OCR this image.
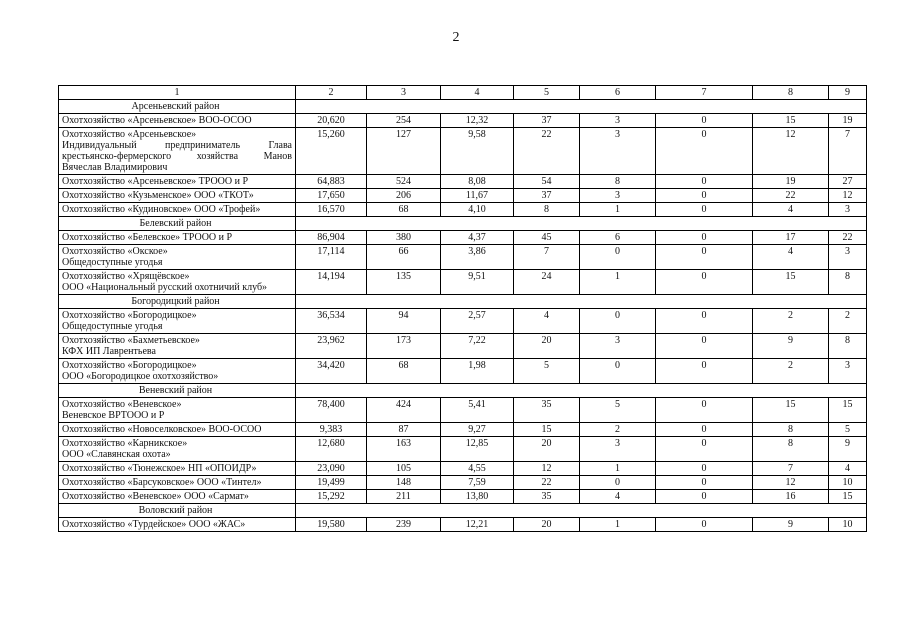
2
1	2	3	4	5	6	7	8	9
Арсеньевский район								

Охотхозяйство «Арсеньевское» ВОО-ОСОО	20,620	254	12,32	37	3	0	15	19

Охотхозяйство «Арсеньевское»
Индивидуальный предприниматель Глава
крестьянско-фермерского хозяйства Манов
Вячеслав Владимирович	15,260	127	9,58	22	3	0	12	7

Охотхозяйство «Арсеньевское» ТРООО и Р	64,883	524	8,08	54	8	0	19	27

Охотхозяйство «Кузьменское» ООО «ТКОТ»	17,650	206	11,67	37	3	0	22	12

Охотхозяйство «Кудиновское» ООО «Трофей»	16,570	68	4,10	8	1	0	4	3
Белевский район								

Охотхозяйство «Белевское» ТРООО и Р	86,904	380	4,37	45	6	0	17	22

Охотхозяйство «Окское»
Общедоступные угодья	17,114	66	3,86	7	0	0	4	3

Охотхозяйство «Хрящёвское»
ООО «Национальный русский охотничий клуб»	14,194	135	9,51	24	1	0	15	8
Богородицкий район								

Охотхозяйство «Богородицкое»
Общедоступные угодья	36,534	94	2,57	4	0	0	2	2

Охотхозяйство «Бахметьевское»
КФХ ИП Лаврентьева	23,962	173	7,22	20	3	0	9	8

Охотхозяйство «Богородицкое»
ООО «Богородицкое охотхозяйство»	34,420	68	1,98	5	0	0	2	3
Веневский район								

Охотхозяйство «Веневское»
Веневское ВРТООО и Р	78,400	424	5,41	35	5	0	15	15

Охотхозяйство «Новоселковское» ВОО-ОСОО	9,383	87	9,27	15	2	0	8	5

Охотхозяйство «Карникское»
ООО «Славянская охота»	12,680	163	12,85	20	3	0	8	9

Охотхозяйство «Тюнежское» НП «ОПОИДР»	23,090	105	4,55	12	1	0	7	4

Охотхозяйство «Барсуковское» ООО «Тинтел»	19,499	148	7,59	22	0	0	12	10

Охотхозяйство «Веневское» ООО «Сармат»	15,292	211	13,80	35	4	0	16	15
Воловский район								

Охотхозяйство «Турдейское» ООО «ЖАС»	19,580	239	12,21	20	1	0	9	10
